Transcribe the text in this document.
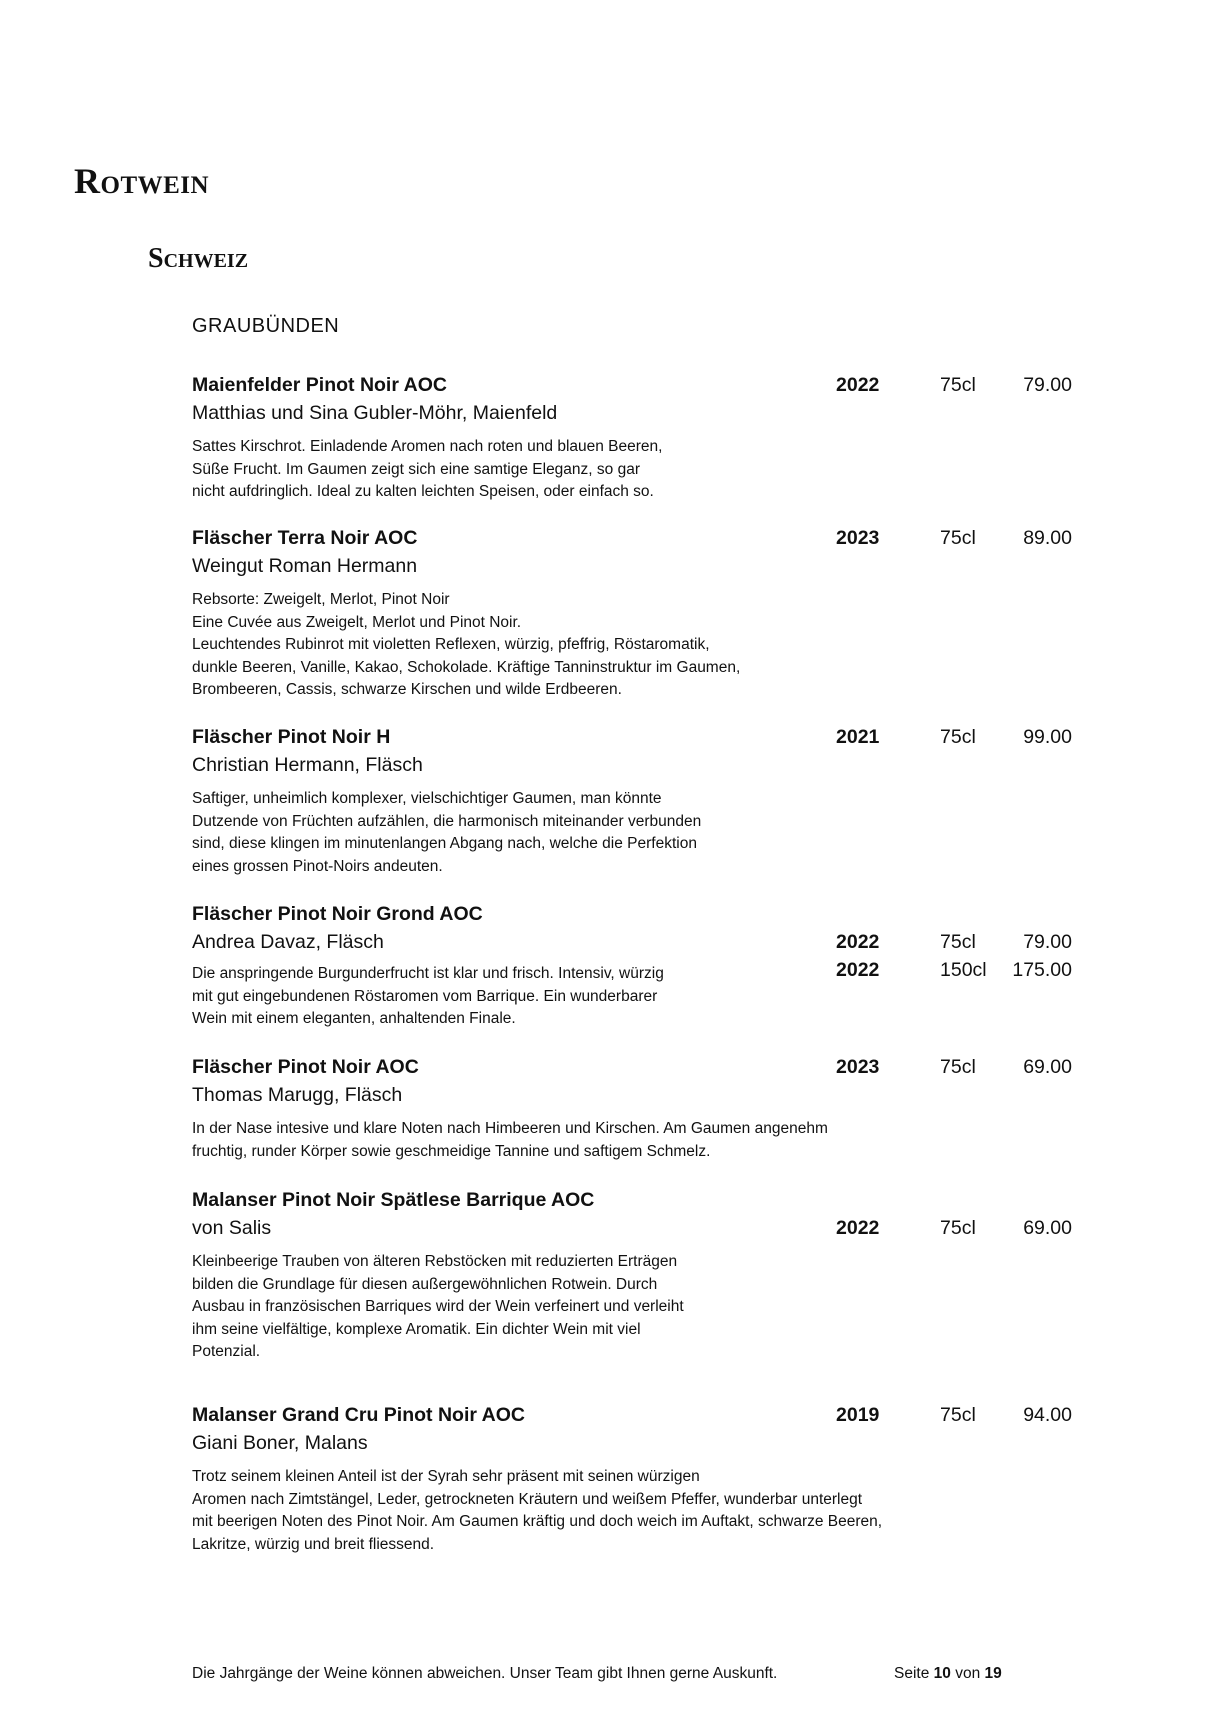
Rotwein
Schweiz
GRAUBÜNDEN
Maienfelder Pinot Noir AOC	2022	75cl 79.00
Matthias und Sina Gubler-Möhr, Maienfeld
Sattes Kirschrot. Einladende Aromen nach roten und blauen Beeren,
Süße Frucht. Im Gaumen zeigt sich eine samtige Eleganz, so gar
nicht aufdringlich. Ideal zu kalten leichten Speisen, oder einfach so.
Fläscher Terra Noir AOC	2023	75cl 89.00
Weingut Roman Hermann
Rebsorte: Zweigelt, Merlot, Pinot Noir
Eine Cuvée aus Zweigelt, Merlot und Pinot Noir.
Leuchtendes Rubinrot mit violetten Reflexen, würzig, pfeffrig, Röstaromatik,
dunkle Beeren, Vanille, Kakao, Schokolade. Kräftige Tanninstruktur im Gaumen,
Brombeeren, Cassis, schwarze Kirschen und wilde Erdbeeren.
Fläscher Pinot Noir H	2021	75cl 99.00
Christian Hermann, Fläsch
Saftiger, unheimlich komplexer, vielschichtiger Gaumen, man könnte
Dutzende von Früchten aufzählen, die harmonisch miteinander verbunden
sind, diese klingen im minutenlangen Abgang nach, welche die Perfektion
eines grossen Pinot-Noirs andeuten.
Fläscher Pinot Noir Grond AOC
Andrea Davaz, Fläsch	2022	75cl 79.00
Die anspringende Burgunderfrucht ist klar und frisch. Intensiv, würzig
mit gut eingebundenen Röstaromen vom Barrique. Ein wunderbarer
Wein mit einem eleganten, anhaltenden Finale.
2022	150cl 175.00
Fläscher Pinot Noir AOC	2023	75cl 69.00
Thomas Marugg, Fläsch
In der Nase intesive und klare Noten nach Himbeeren und Kirschen. Am Gaumen angenehm
fruchtig, runder Körper sowie geschmeidige Tannine und saftigem Schmelz.
Malanser Pinot Noir Spätlese Barrique AOC
von Salis	2022	75cl 69.00
Kleinbeerige Trauben von älteren Rebstöcken mit reduzierten Erträgen
bilden die Grundlage für diesen außergewöhnlichen Rotwein. Durch
Ausbau in französischen Barriques wird der Wein verfeinert und verleiht
ihm seine vielfältige, komplexe Aromatik. Ein dichter Wein mit viel
Potenzial.
Malanser Grand Cru Pinot Noir AOC	2019	75cl 94.00
Giani Boner, Malans
Trotz seinem kleinen Anteil ist der Syrah sehr präsent mit seinen würzigen
Aromen nach Zimtstängel, Leder, getrockneten Kräutern und weißem Pfeffer, wunderbar unterlegt
mit beerigen Noten des Pinot Noir. Am Gaumen kräftig und doch weich im Auftakt, schwarze Beeren,
Lakritze, würzig und breit fliessend.
Die Jahrgänge der Weine können abweichen. Unser Team gibt Ihnen gerne Auskunft.	Seite 10 von 19
